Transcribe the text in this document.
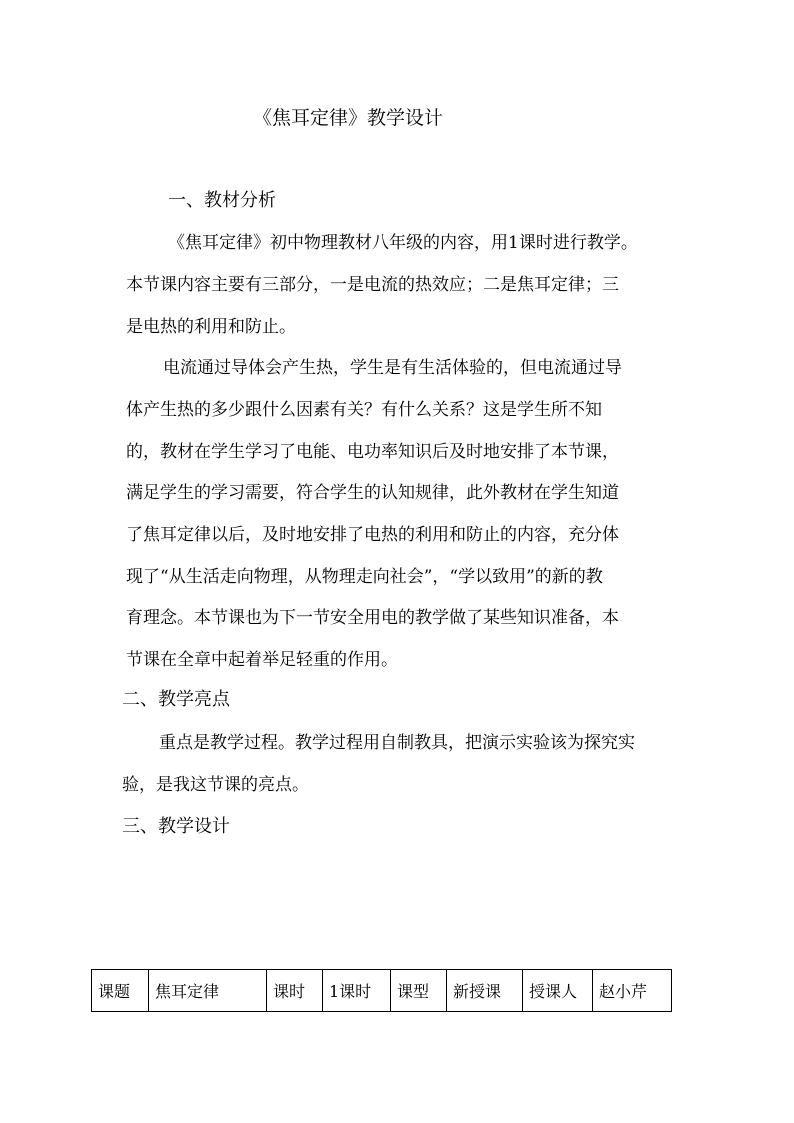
《焦耳定律》教学设计
一、教材分析
《焦耳定律》初中物理教材八年级的内容，用1课时进行教学。
本节课内容主要有三部分，一是电流的热效应；二是焦耳定律；三
是电热的利用和防止。
电流通过导体会产生热，学生是有生活体验的，但电流通过导
体产生热的多少跟什么因素有关？有什么关系？这是学生所不知
的，教材在学生学习了电能、电功率知识后及时地安排了本节课，
满足学生的学习需要，符合学生的认知规律，此外教材在学生知道
了焦耳定律以后，及时地安排了电热的利用和防止的内容，充分体
现了“从生活走向物理，从物理走向社会”，“学以致用”的新的教
育理念。本节课也为下一节安全用电的教学做了某些知识准备，本
节课在全章中起着举足轻重的作用。
二、教学亮点
重点是教学过程。教学过程用自制教具，把演示实验该为探究实
验，是我这节课的亮点。
三、教学设计
课题	焦耳定律	课时	1课时	课型	新授课	授课人	赵小芹
